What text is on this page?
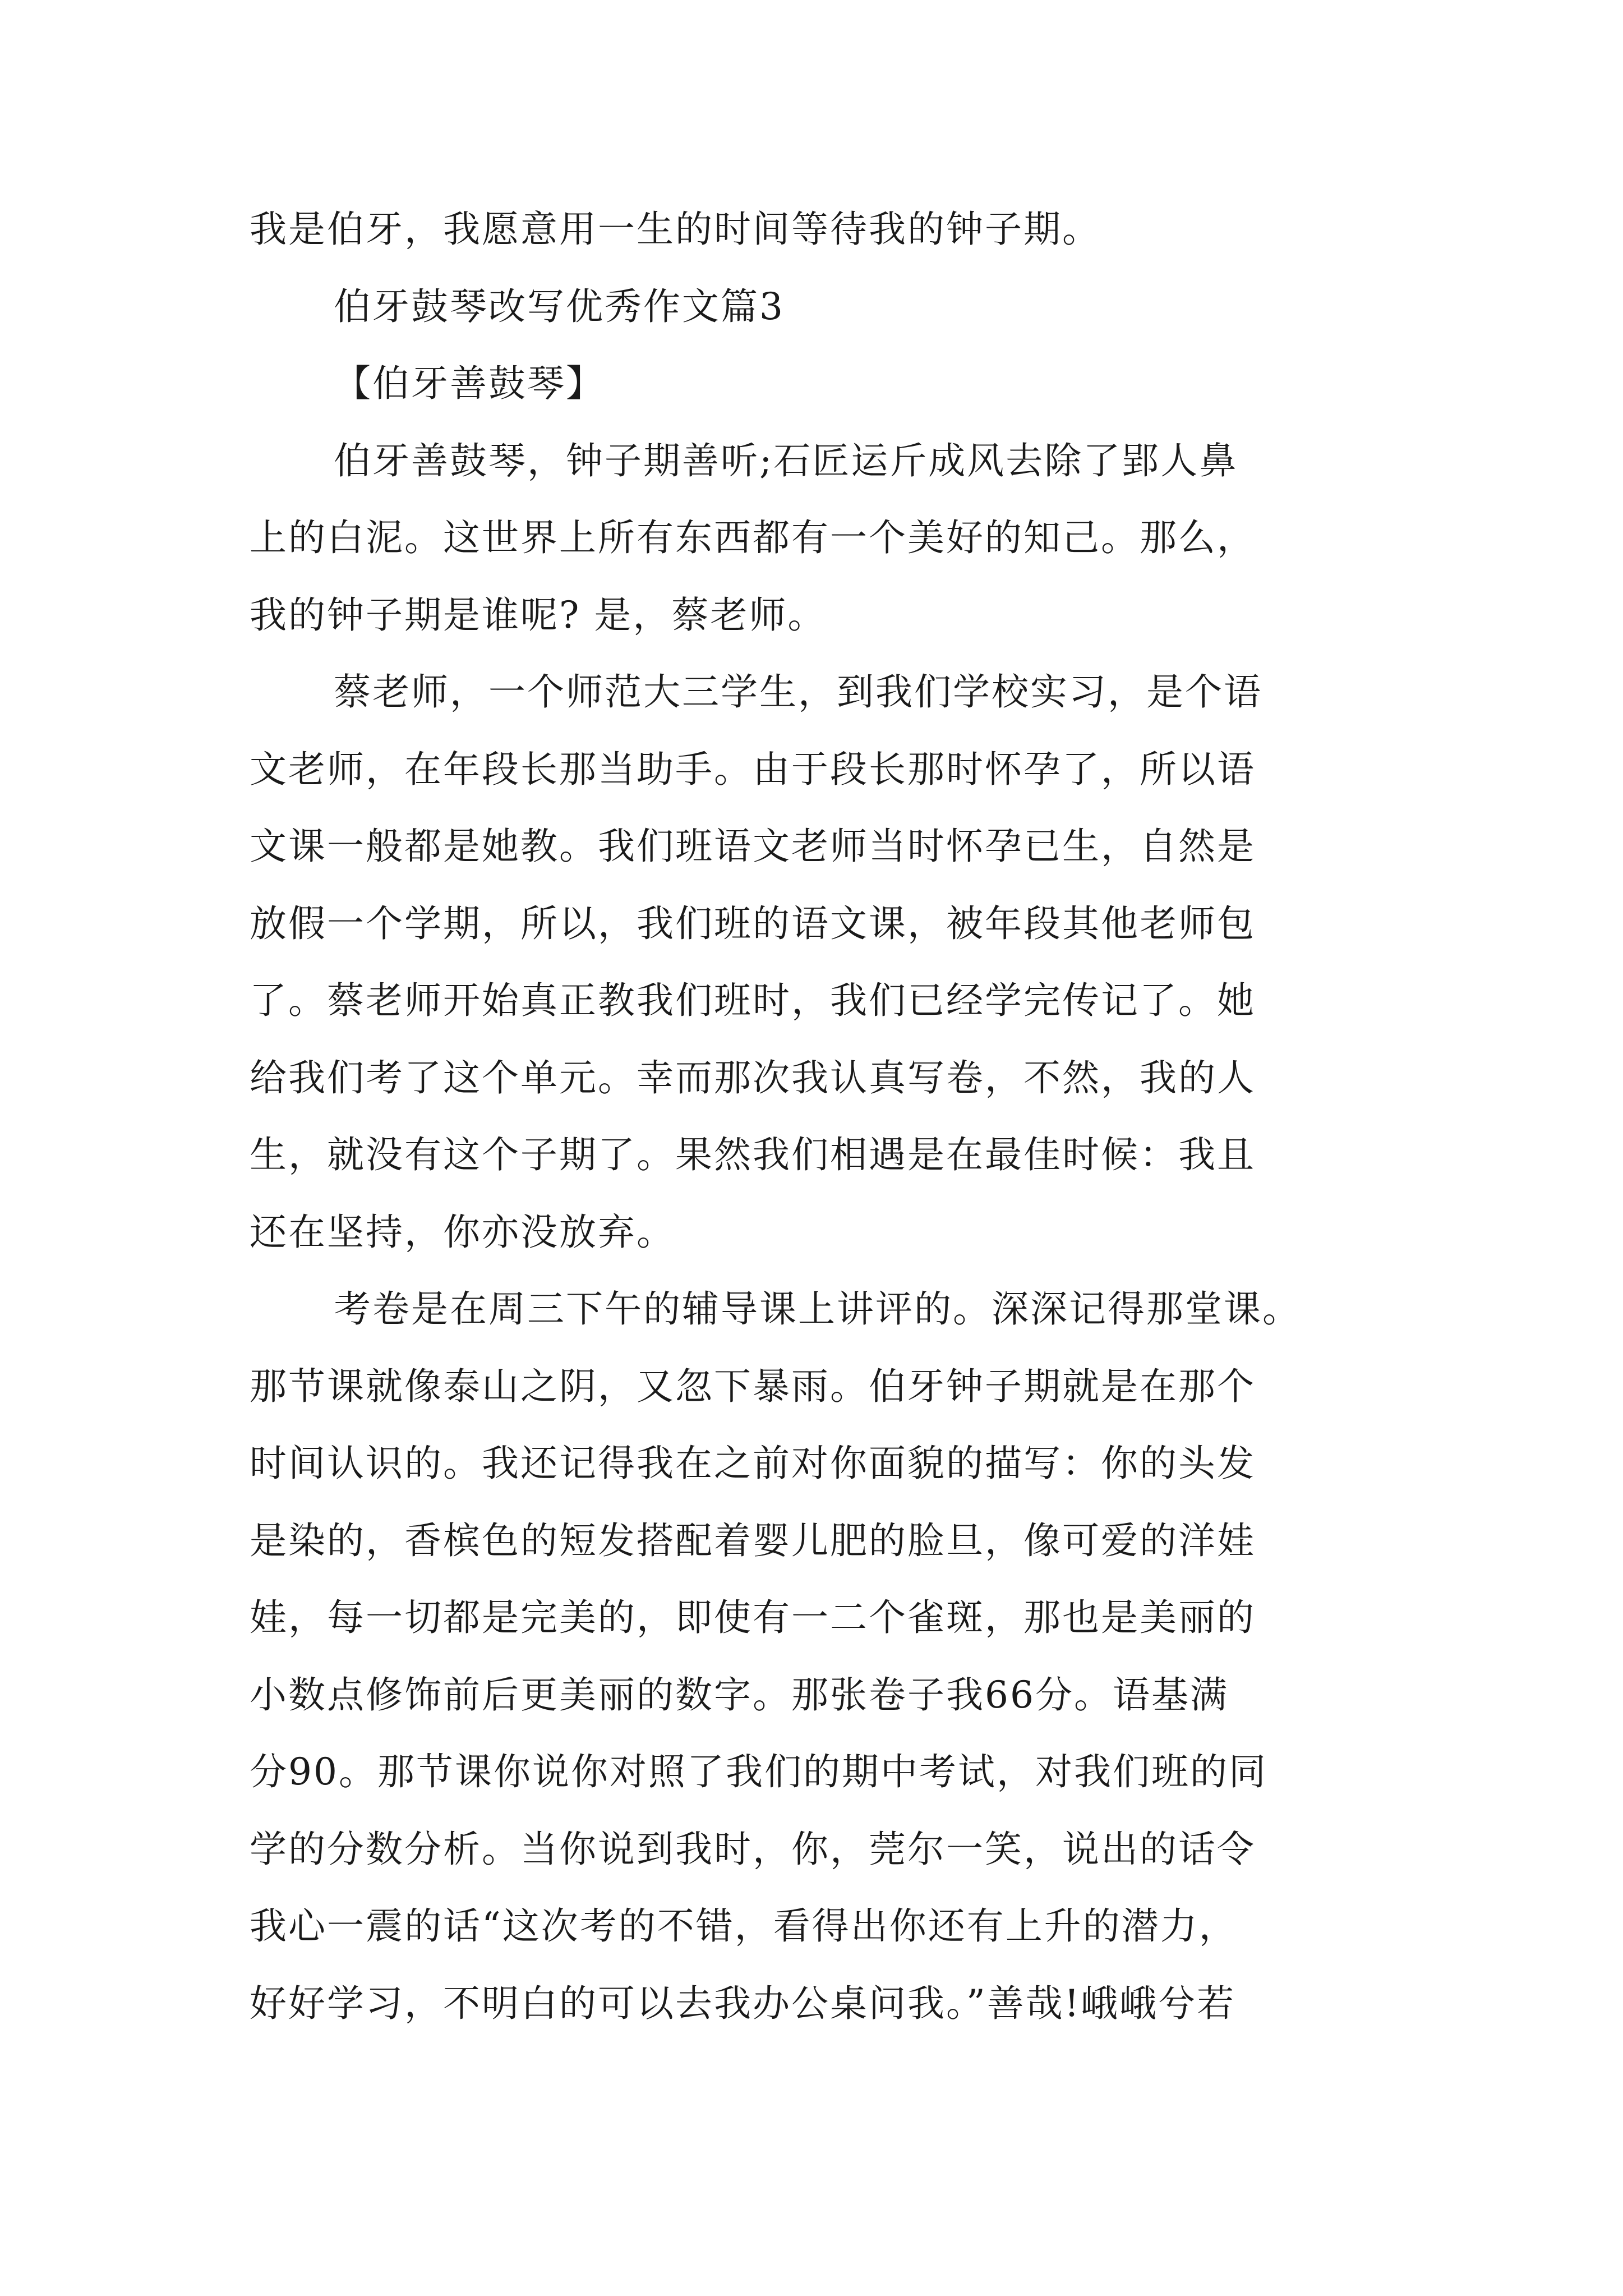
我是伯牙，我愿意用一生的时间等待我的钟子期。
伯牙鼓琴改写优秀作文篇3
【伯牙善鼓琴】
伯牙善鼓琴，钟子期善听;石匠运斤成风去除了郢人鼻
上的白泥。这世界上所有东西都有一个美好的知己。那么，
我的钟子期是谁呢? 是，蔡老师。
蔡老师，一个师范大三学生，到我们学校实习，是个语
文老师，在年段长那当助手。由于段长那时怀孕了，所以语
文课一般都是她教。我们班语文老师当时怀孕已生，自然是
放假一个学期，所以，我们班的语文课，被年段其他老师包
了。蔡老师开始真正教我们班时，我们已经学完传记了。她
给我们考了这个单元。幸而那次我认真写卷，不然，我的人
生，就没有这个子期了。果然我们相遇是在最佳时候：我且
还在坚持，你亦没放弃。
考卷是在周三下午的辅导课上讲评的。深深记得那堂课。
那节课就像泰山之阴，又忽下暴雨。伯牙钟子期就是在那个
时间认识的。我还记得我在之前对你面貌的描写：你的头发
是染的，香槟色的短发搭配着婴儿肥的脸旦，像可爱的洋娃
娃，每一切都是完美的，即使有一二个雀斑，那也是美丽的
小数点修饰前后更美丽的数字。那张卷子我66分。语基满
分90。那节课你说你对照了我们的期中考试，对我们班的同
学的分数分析。当你说到我时，你，莞尔一笑，说出的话令
我心一震的话“这次考的不错，看得出你还有上升的潜力，
好好学习，不明白的可以去我办公桌问我。”善哉!峨峨兮若
